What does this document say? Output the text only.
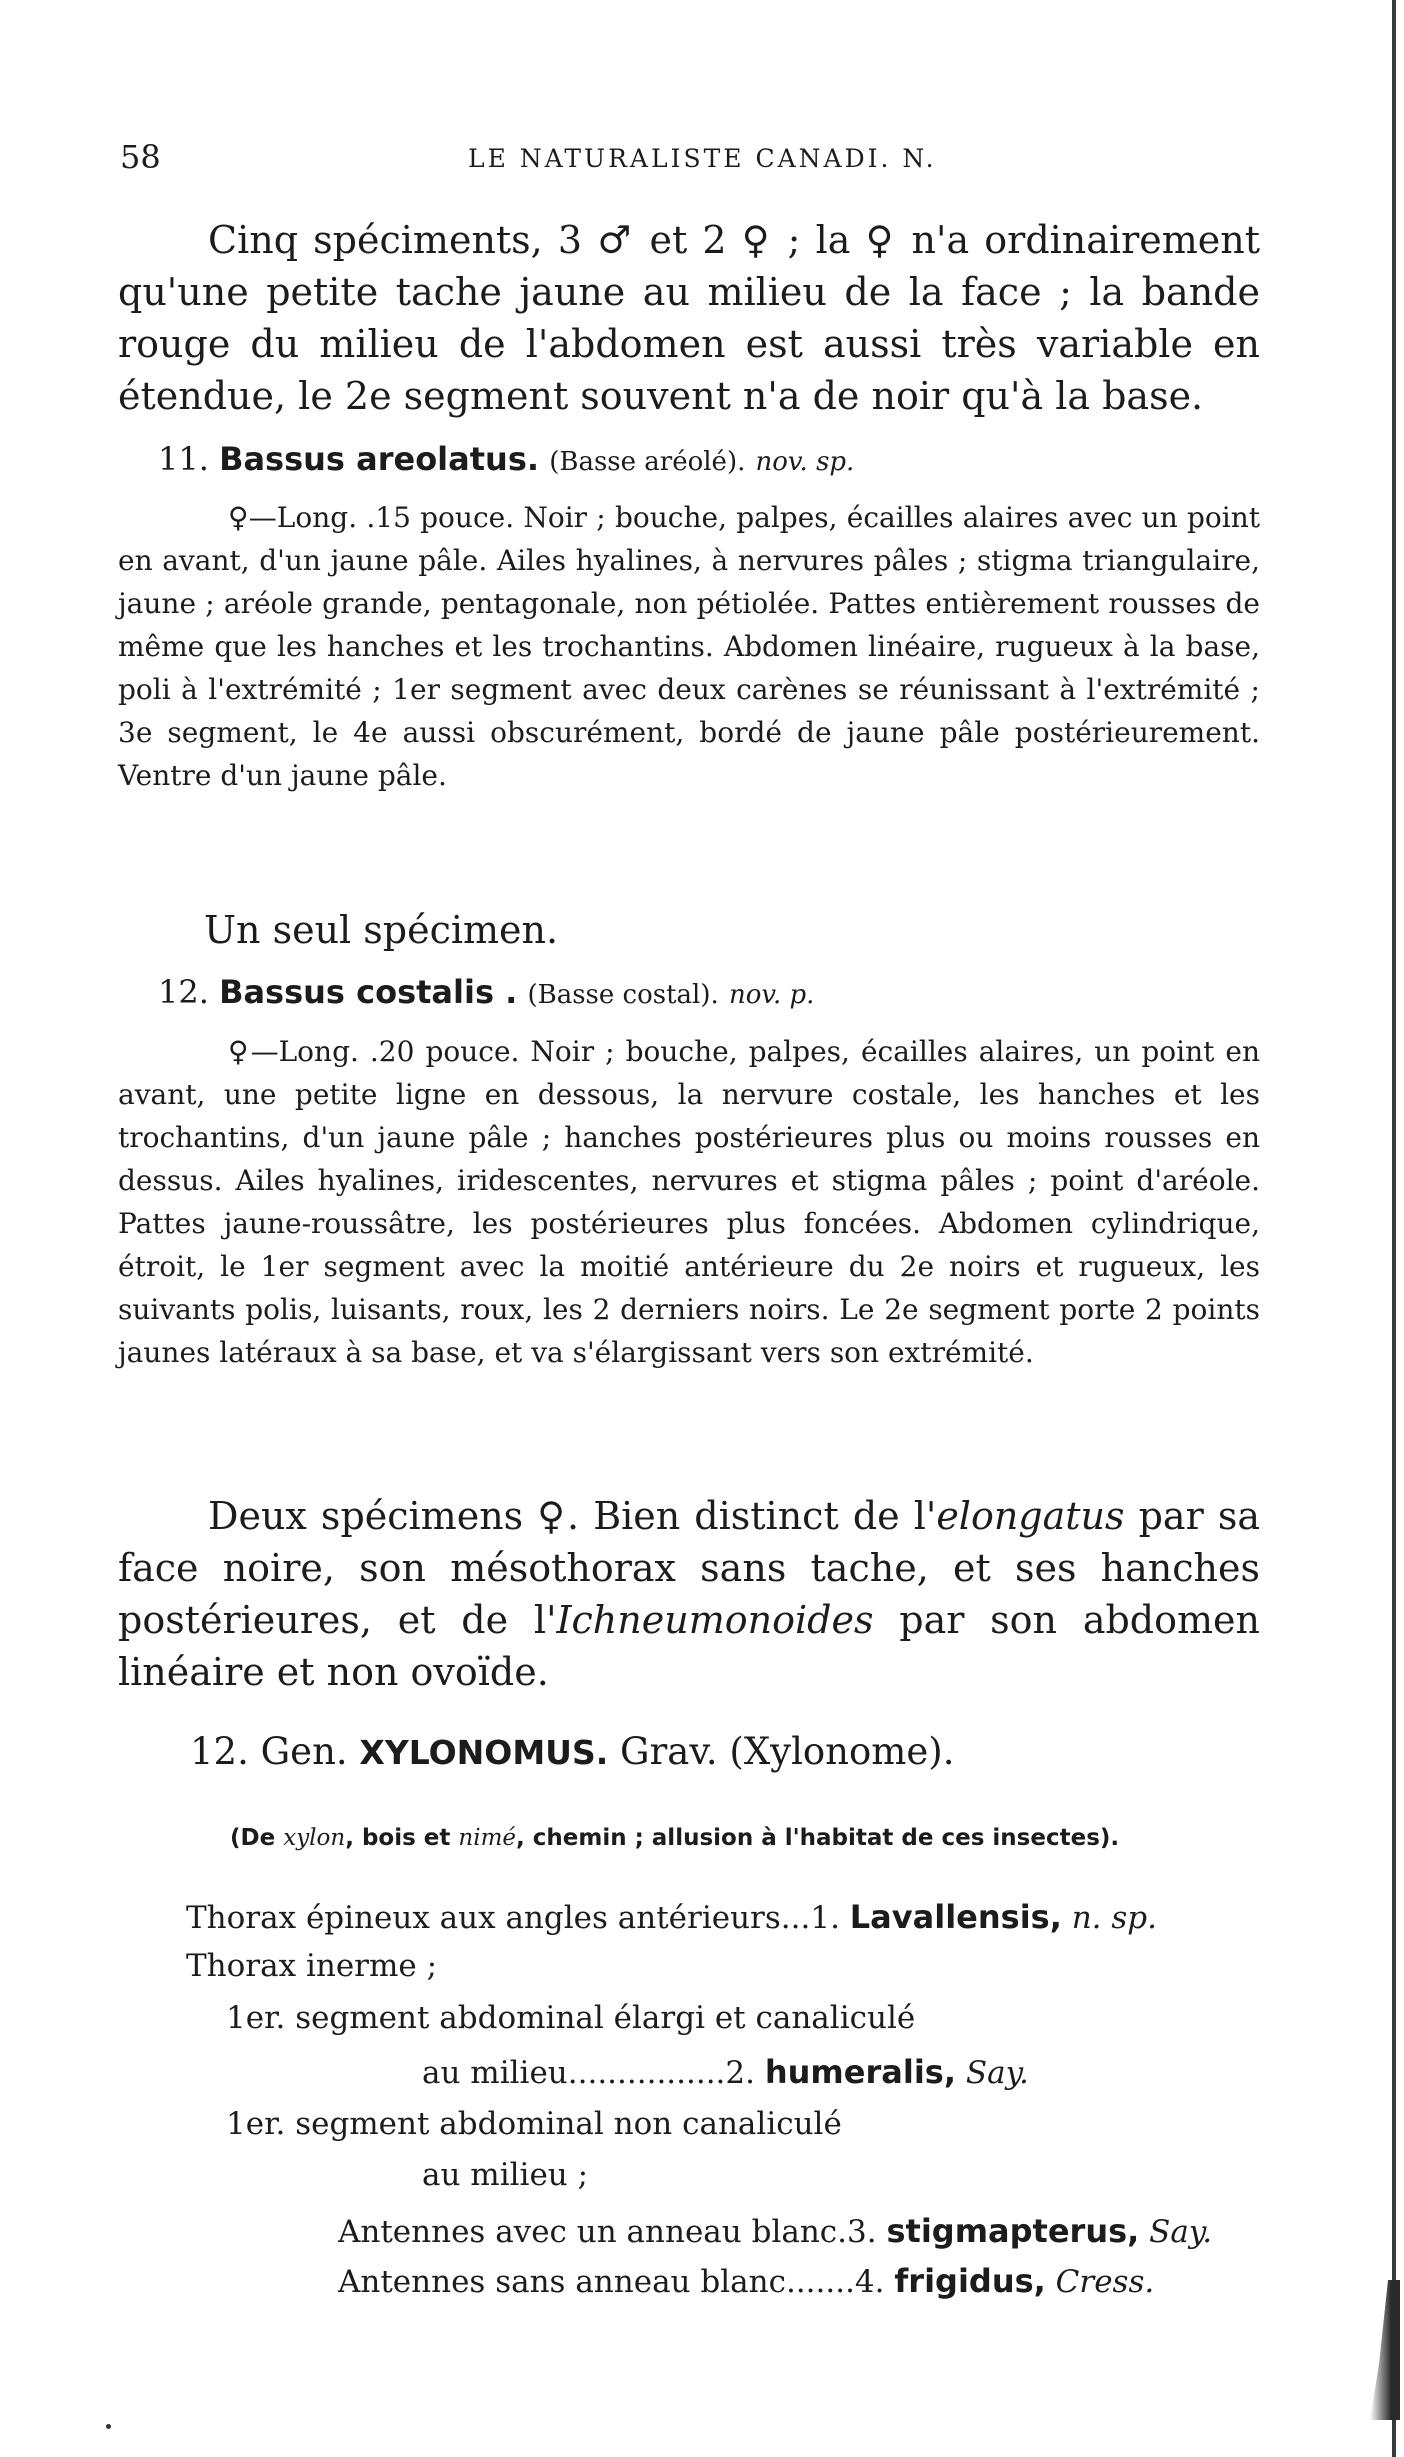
58	LE NATURALISTE CANADI. N.
Cinq spéciments, 3 ♂ et 2 ♀ ; la ♀ n'a ordinairement qu'une petite tache jaune au milieu de la face ; la bande rouge du milieu de l'abdomen est aussi très variable en étendue, le 2e segment souvent n'a de noir qu'à la base.
11. Bassus areolatus. (Basse aréolé). nov. sp.
♀—Long. .15 pouce. Noir ; bouche, palpes, écailles alaires avec un point en avant, d'un jaune pâle. Ailes hyalines, à nervures pâles ; stigma triangulaire, jaune ; aréole grande, pentagonale, non pétiolée. Pattes entièrement rousses de même que les hanches et les trochantins. Abdomen linéaire, rugueux à la base, poli à l'extrémité ; 1er segment avec deux carènes se réunissant à l'extrémité ; 3e segment, le 4e aussi obscurément, bordé de jaune pâle postérieurement. Ventre d'un jaune pâle.
Un seul spécimen.
12. Bassus costalis . (Basse costal). nov. p.
♀—Long. .20 pouce. Noir ; bouche, palpes, écailles alaires, un point en avant, une petite ligne en dessous, la nervure costale, les hanches et les trochantins, d'un jaune pâle ; hanches postérieures plus ou moins rousses en dessus. Ailes hyalines, iridescentes, nervures et stigma pâles ; point d'aréole. Pattes jaune-roussâtre, les postérieures plus foncées. Abdomen cylindrique, étroit, le 1er segment avec la moitié antérieure du 2e noirs et rugueux, les suivants polis, luisants, roux, les 2 derniers noirs. Le 2e segment porte 2 points jaunes latéraux à sa base, et va s'élargissant vers son extrémité.
Deux spécimens ♀. Bien distinct de l'elongatus par sa face noire, son mésothorax sans tache, et ses hanches postérieures, et de l'Ichneumonoides par son abdomen linéaire et non ovoïde.
12. Gen. XYLONOMUS. Grav. (Xylonome).
(De xylon, bois et nimé, chemin ; allusion à l'habitat de ces insectes).
Thorax épineux aux angles antérieurs...1. Lavallensis, n. sp.
Thorax inerme ;
1er. segment abdominal élargi et canaliculé
au milieu................2. humeralis, Say.
1er. segment abdominal non canaliculé
au milieu ;
Antennes avec un anneau blanc.3. stigmapterus, Say.
Antennes sans anneau blanc.......4. frigidus, Cress.
